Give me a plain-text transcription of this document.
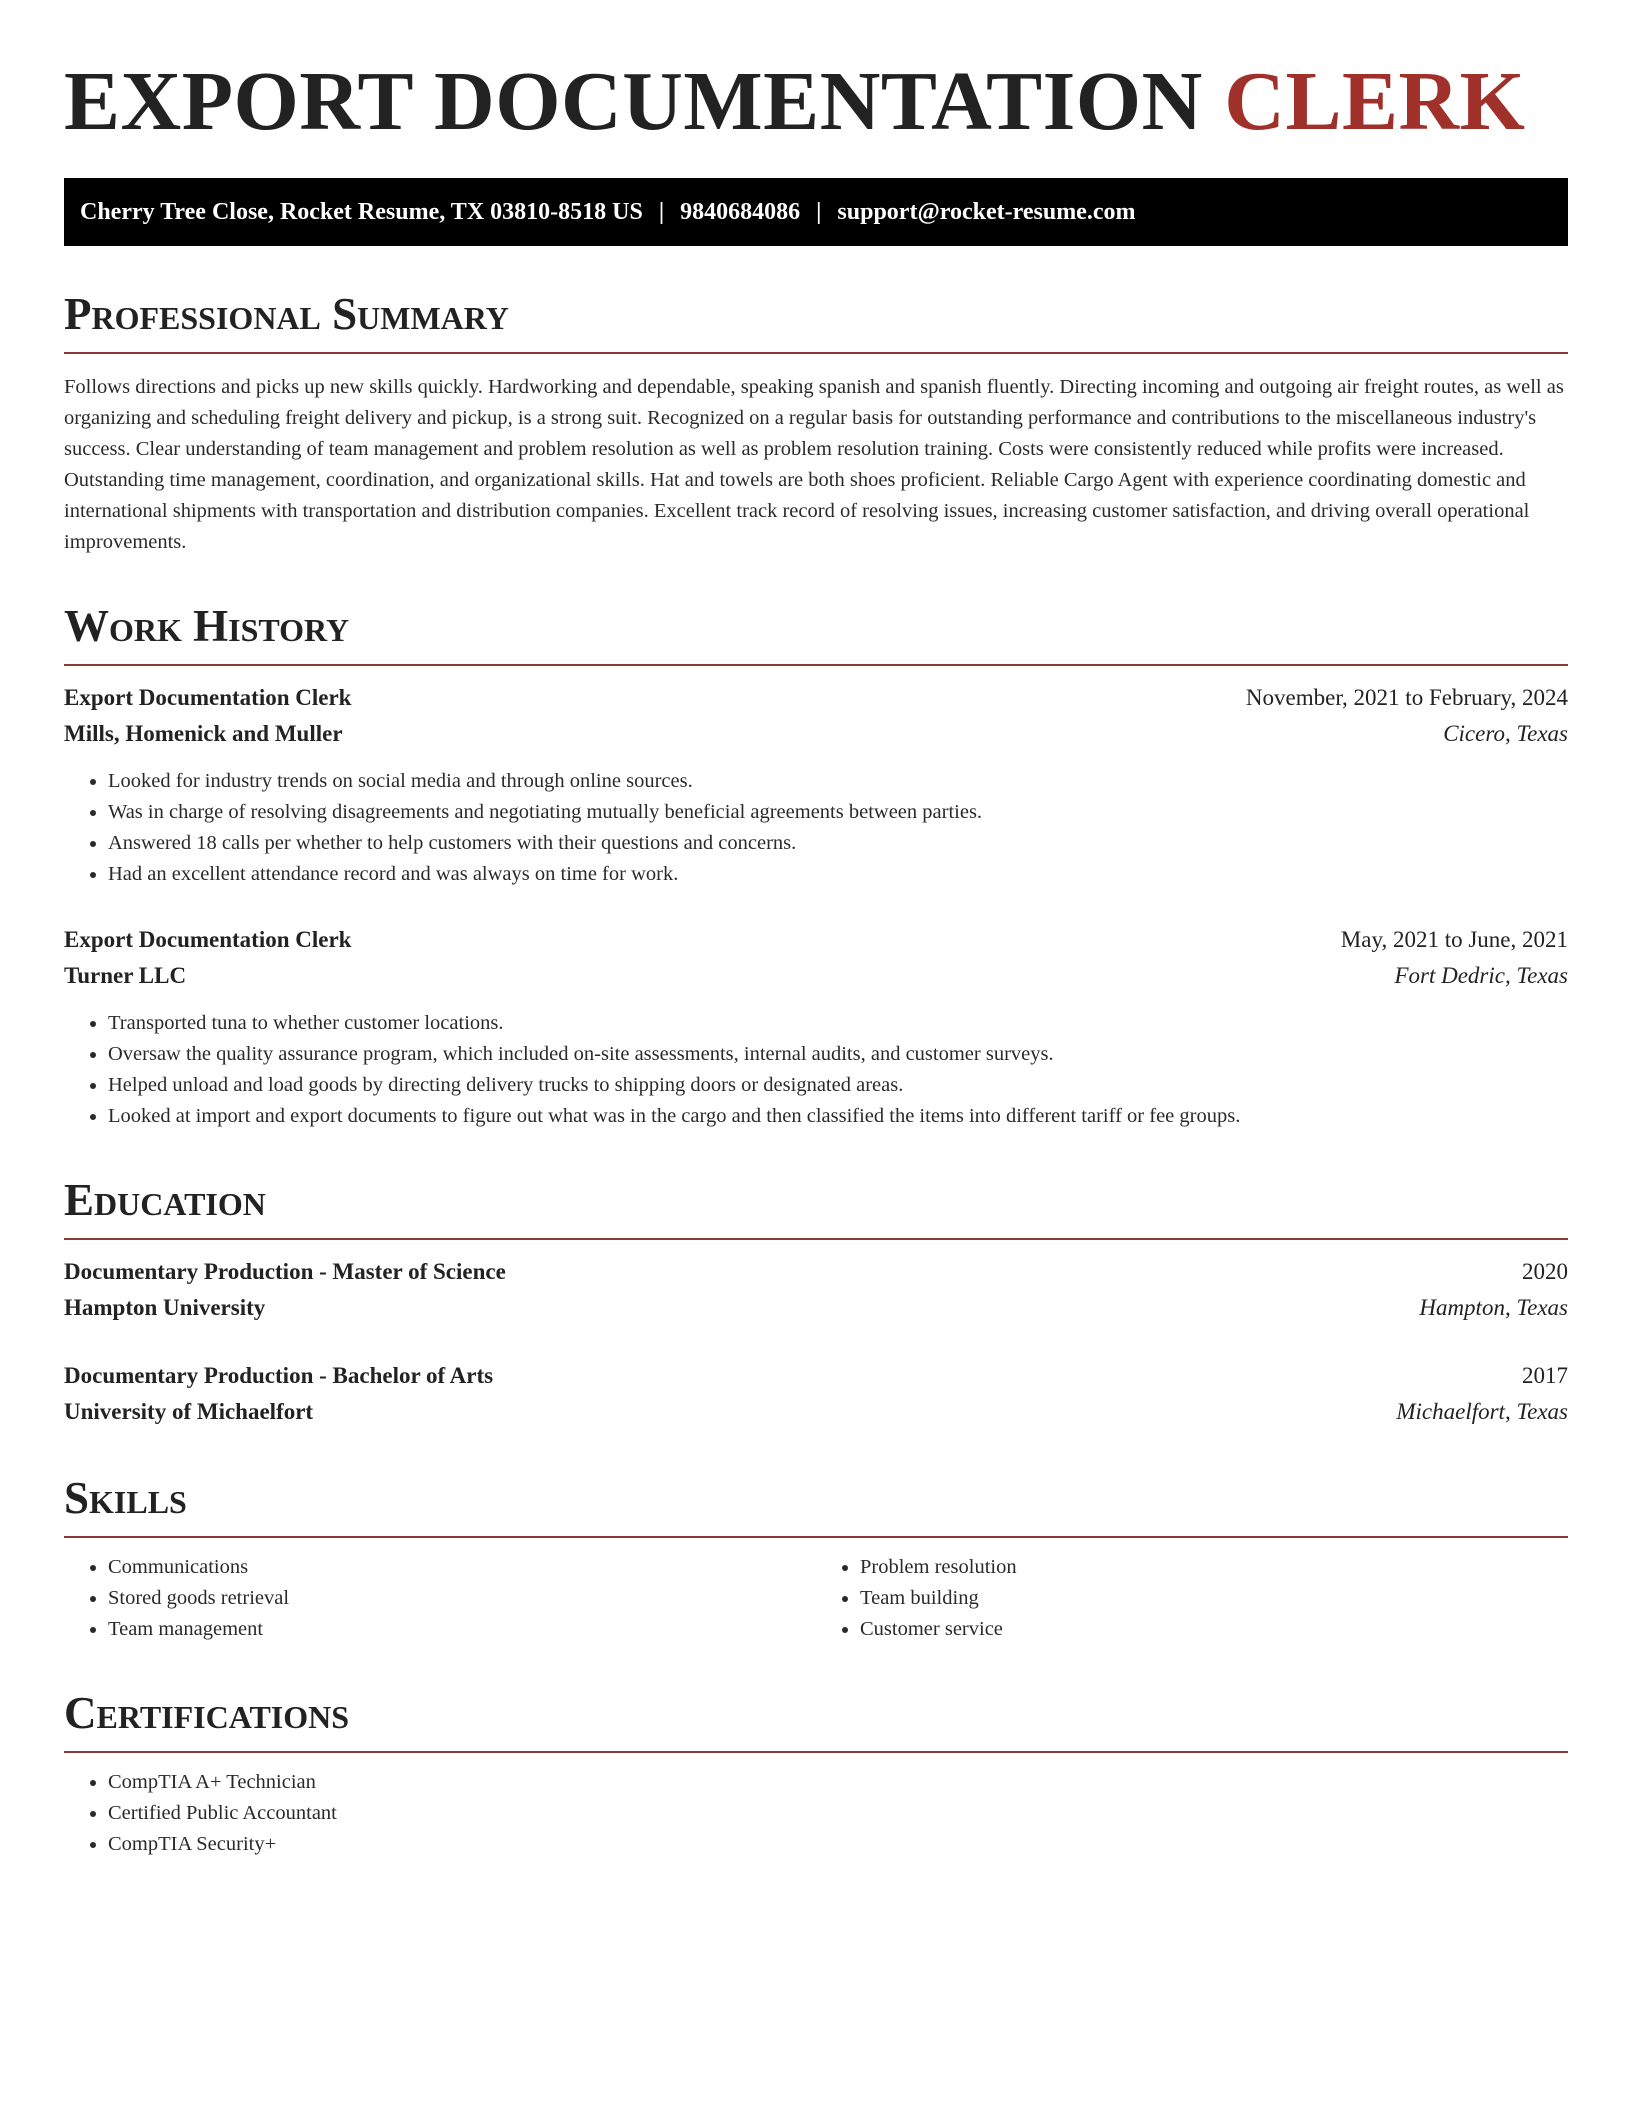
EXPORT DOCUMENTATION CLERK
Cherry Tree Close, Rocket Resume, TX 03810-8518 US | 9840684086 | support@rocket-resume.com
Professional Summary

Follows directions and picks up new skills quickly. Hardworking and dependable, speaking spanish and spanish fluently. Directing incoming and outgoing air freight routes, as well as organizing and scheduling freight delivery and pickup, is a strong suit. Recognized on a regular basis for outstanding performance and contributions to the miscellaneous industry's success. Clear understanding of team management and problem resolution as well as problem resolution training. Costs were consistently reduced while profits were increased. Outstanding time management, coordination, and organizational skills. Hat and towels are both shoes proficient. Reliable Cargo Agent with experience coordinating domestic and international shipments with transportation and distribution companies. Excellent track record of resolving issues, increasing customer satisfaction, and driving overall operational improvements.

Work History
Export Documentation Clerk	November, 2021 to February, 2024
Mills, Homenick and Muller	Cicero, Texas
• Looked for industry trends on social media and through online sources.
• Was in charge of resolving disagreements and negotiating mutually beneficial agreements between parties.
• Answered 18 calls per whether to help customers with their questions and concerns.
• Had an excellent attendance record and was always on time for work.
Export Documentation Clerk	May, 2021 to June, 2021
Turner LLC	Fort Dedric, Texas
• Transported tuna to whether customer locations.
• Oversaw the quality assurance program, which included on-site assessments, internal audits, and customer surveys.
• Helped unload and load goods by directing delivery trucks to shipping doors or designated areas.
• Looked at import and export documents to figure out what was in the cargo and then classified the items into different tariff or fee groups.
Education
Documentary Production - Master of Science	2020
Hampton University	Hampton, Texas
Documentary Production - Bachelor of Arts	2017
University of Michaelfort	Michaelfort, Texas
Skills
• Communications
• Stored goods retrieval
• Team management
• Problem resolution
• Team building
• Customer service
Certifications
• CompTIA A+ Technician
• Certified Public Accountant
• CompTIA Security+
